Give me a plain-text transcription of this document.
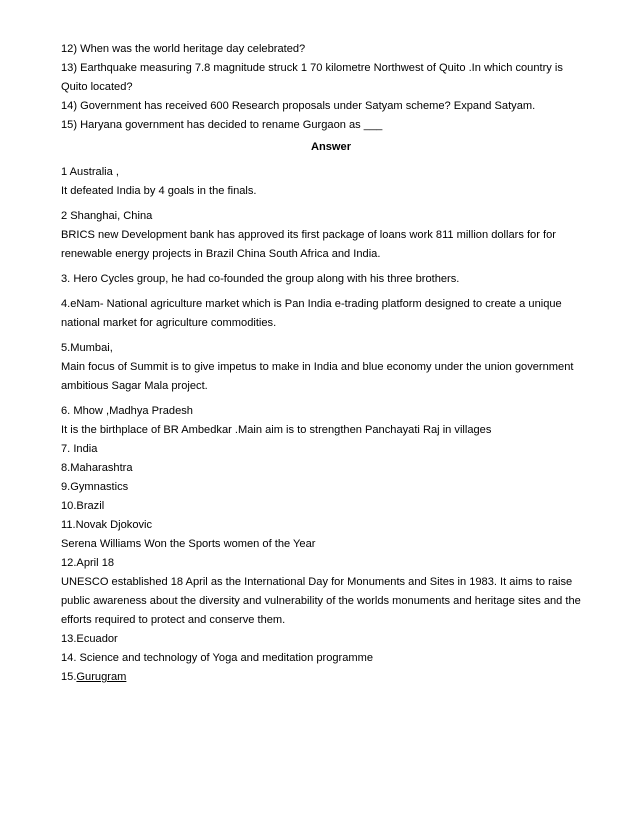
12) When was the world heritage day celebrated?

13) Earthquake measuring 7.8 magnitude struck 1 70 kilometre Northwest of Quito .In which country is

Quito located?

14) Government has received 600 Research proposals under Satyam scheme? Expand Satyam.

15) Haryana government has decided to rename Gurgaon as ___

Answer

1 Australia ,

It defeated India by 4 goals in the finals.

2 Shanghai, China

BRICS new Development bank has approved its first package of loans work 811 million dollars for for

renewable energy projects in Brazil China South Africa and India.

3. Hero Cycles group, he had co-founded the group along with his three brothers.

4.eNam- National agriculture market which is Pan India e-trading platform designed to create a unique

national market for agriculture commodities.

5.Mumbai,

Main focus of Summit is to give impetus to make in India and blue economy under the union government

ambitious Sagar Mala project.

6. Mhow ,Madhya Pradesh

It is the birthplace of BR Ambedkar .Main aim is to strengthen Panchayati Raj in villages

7. India

8.Maharashtra

9.Gymnastics

10.Brazil

11.Novak Djokovic

Serena Williams Won the Sports women of the Year

12.April 18

UNESCO established 18 April as the International Day for Monuments and Sites in 1983. It aims to raise

public awareness about the diversity and vulnerability of the worlds monuments and heritage sites and the

efforts required to protect and conserve them.

13.Ecuador

14. Science and technology of Yoga and meditation programme

15.Gurugram
